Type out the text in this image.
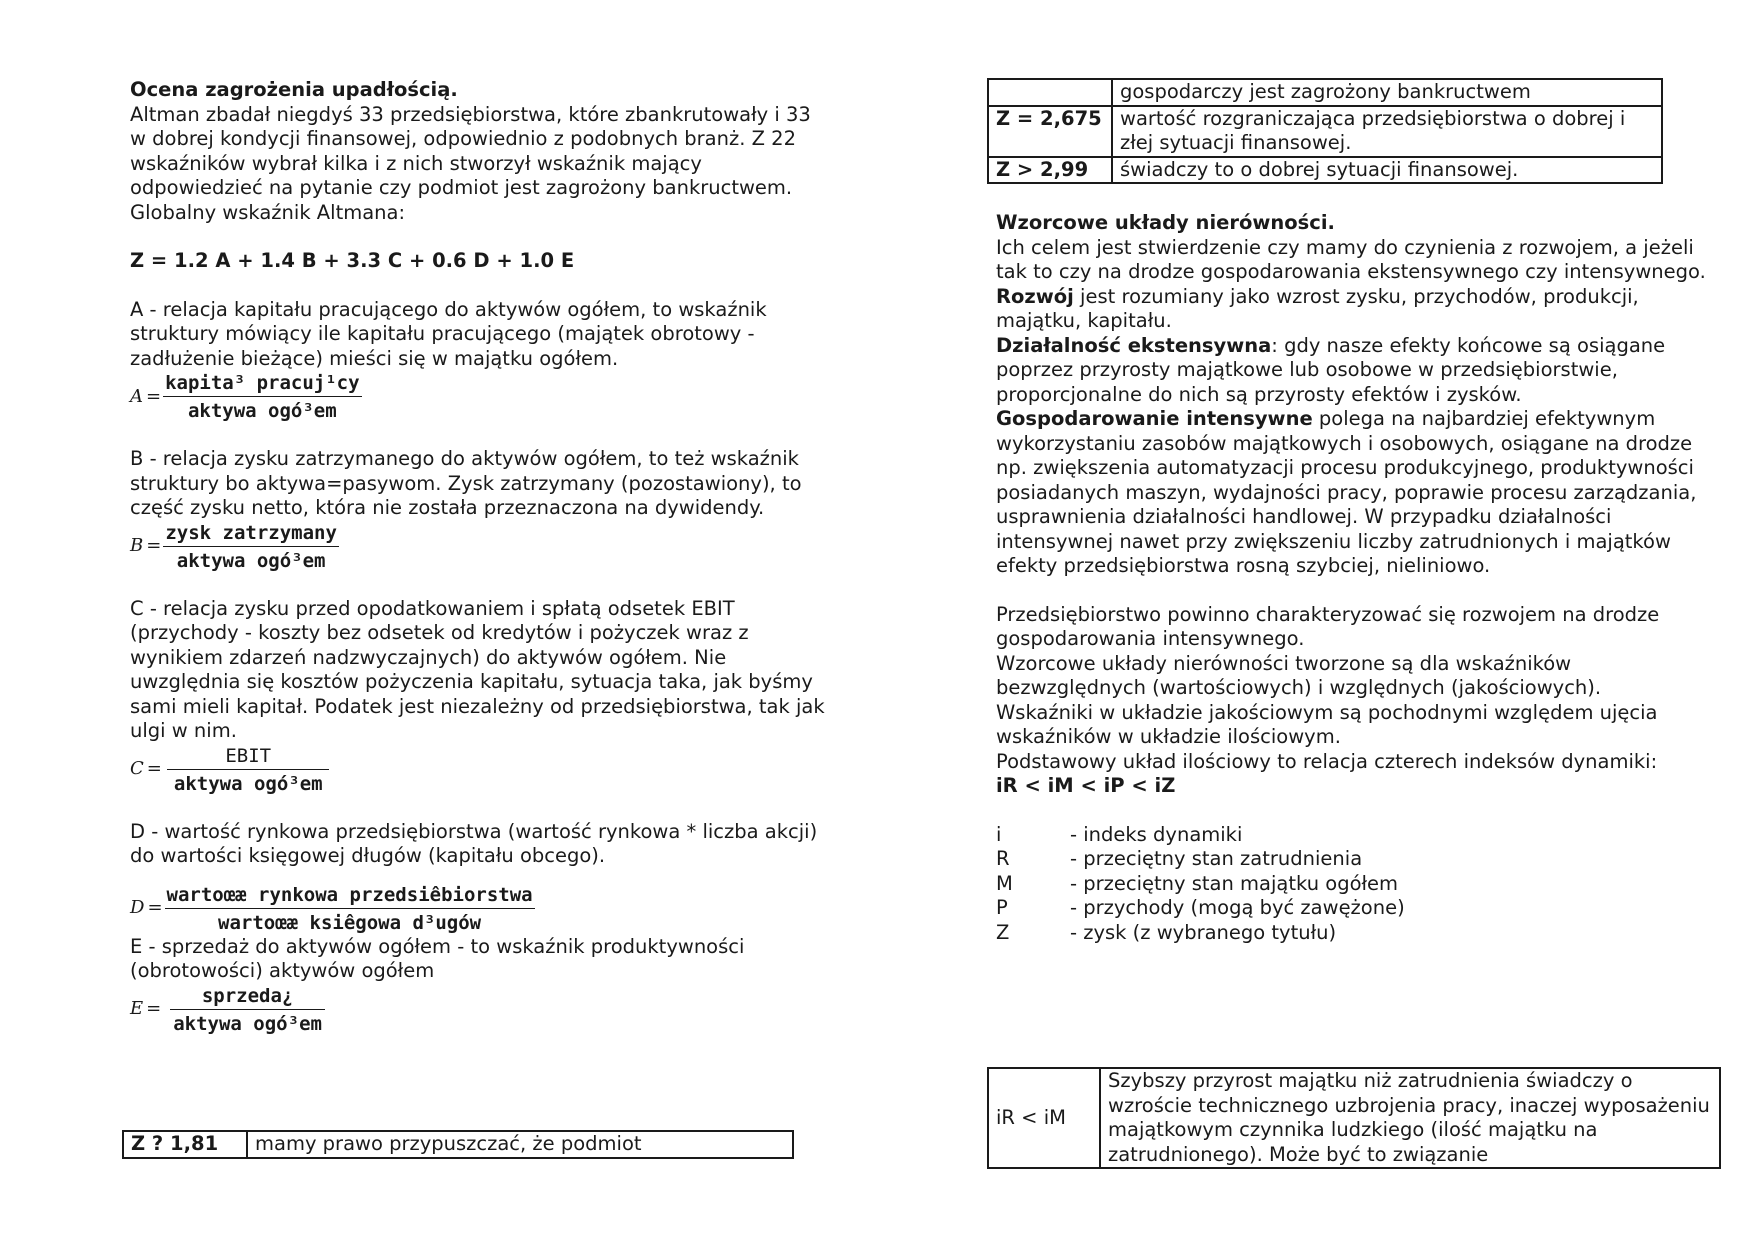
Ocena zagrożenia upadłością.

Altman zbadał niegdyś 33 przedsiębiorstwa, które zbankrutowały i 33 w dobrej kondycji finansowej, odpowiednio z podobnych branż. Z 22 wskaźników wybrał kilka i z nich stworzył wskaźnik mający odpowiedzieć na pytanie czy podmiot jest zagrożony bankructwem. Globalny wskaźnik Altmana:

Z = 1.2 A + 1.4 B + 3.3 C + 0.6 D + 1.0 E

A - relacja kapitału pracującego do aktywów ogółem, to wskaźnik struktury mówiący ile kapitału pracującego (majątek obrotowy - zadłużenie bieżące) mieści się w majątku ogółem.

$A = \frac{\text{kapita³ pracuj¹cy}}{\text{aktywa ogó³em}}$

B - relacja zysku zatrzymanego do aktywów ogółem, to też wskaźnik struktury bo aktywa=pasywom. Zysk zatrzymany (pozostawiony), to część zysku netto, która nie została przeznaczona na dywidendy.

$B = \frac{\text{zysk zatrzymany}}{\text{aktywa ogó³em}}$

C - relacja zysku przed opodatkowaniem i spłatą odsetek EBIT (przychody - koszty bez odsetek od kredytów i pożyczek wraz z wynikiem zdarzeń nadzwyczajnych) do aktywów ogółem. Nie uwzględnia się kosztów pożyczenia kapitału, sytuacja taka, jak byśmy sami mieli kapitał. Podatek jest niezależny od przedsiębiorstwa, tak jak ulgi w nim.

$C = \frac{\text{EBIT}}{\text{aktywa ogó³em}}$

D - wartość rynkowa przedsiębiorstwa (wartość rynkowa * liczba akcji) do wartości księgowej długów (kapitału obcego).

$D = \frac{\text{wartoœæ rynkowa przedsiêbiorstwa}}{\text{wartoœæ ksiêgowa d³ugów}}$

E - sprzedaż do aktywów ogółem - to wskaźnik produktywności (obrotowości) aktywów ogółem

$E = \frac{\text{sprzeda¿}}{\text{aktywa ogó³em}}$
Z ? 1,81	mamy prawo przypuszczać, że podmiot
	gospodarczy jest zagrożony bankructwem
Z = 2,675	wartość rozgraniczająca przedsiębiorstwa o dobrej i złej sytuacji finansowej.
Z > 2,99	świadczy to o dobrej sytuacji finansowej.

Wzorcowe układy nierówności.

Ich celem jest stwierdzenie czy mamy do czynienia z rozwojem, a jeżeli tak to czy na drodze gospodarowania ekstensywnego czy intensywnego.

Rozwój jest rozumiany jako wzrost zysku, przychodów, produkcji, majątku, kapitału.

Działalność ekstensywna: gdy nasze efekty końcowe są osiągane poprzez przyrosty majątkowe lub osobowe w przedsiębiorstwie, proporcjonalne do nich są przyrosty efektów i zysków.

Gospodarowanie intensywne polega na najbardziej efektywnym wykorzystaniu zasobów majątkowych i osobowych, osiągane na drodze np. zwiększenia automatyzacji procesu produkcyjnego, produktywności posiadanych maszyn, wydajności pracy, poprawie procesu zarządzania, usprawnienia działalności handlowej. W przypadku działalności intensywnej nawet przy zwiększeniu liczby zatrudnionych i majątków efekty przedsiębiorstwa rosną szybciej, nieliniowo.

Przedsiębiorstwo powinno charakteryzować się rozwojem na drodze gospodarowania intensywnego.

Wzorcowe układy nierówności tworzone są dla wskaźników bezwzględnych (wartościowych) i względnych (jakościowych).

Wskaźniki w układzie jakościowym są pochodnymi względem ujęcia wskaźników w układzie ilościowym.

Podstawowy układ ilościowy to relacja czterech indeksów dynamiki:

iR < iM < iP < iZ

i	- indeks dynamiki
R	- przeciętny stan zatrudnienia
M	- przeciętny stan majątku ogółem
P	- przychody (mogą być zawężone)
Z	- zysk (z wybranego tytułu)
iR < iM	Szybszy przyrost majątku niż zatrudnienia świadczy o wzroście technicznego uzbrojenia pracy, inaczej wyposażeniu majątkowym czynnika ludzkiego (ilość majątku na zatrudnionego). Może być to związanie
